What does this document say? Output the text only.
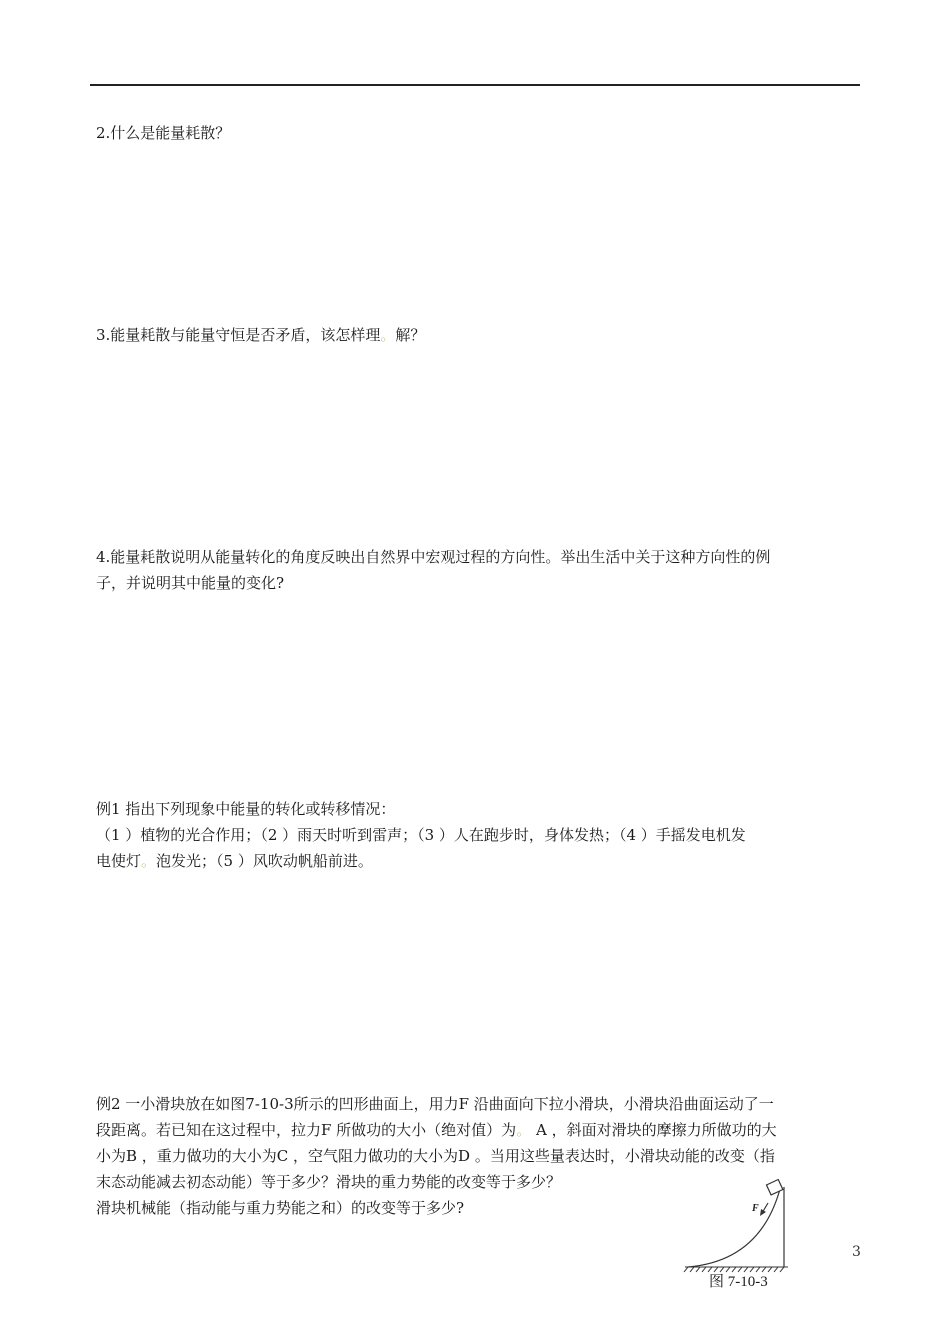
2.什么是能量耗散？

3.能量耗散与能量守恒是否矛盾，该怎样理。解？

4.能量耗散说明从能量转化的角度反映出自然界中宏观过程的方向性。举出生活中关于这种方向性的例
子，并说明其中能量的变化?

例1 指出下列现象中能量的转化或转移情况：
（1 ）植物的光合作用；（2 ）雨天时听到雷声；（3 ）人在跑步时，身体发热；（4 ）手摇发电机发
电使灯。泡发光；（5 ）风吹动帆船前进。

例2 一小滑块放在如图7-10-3所示的凹形曲面上，用力F 沿曲面向下拉小滑块，小滑块沿曲面运动了一
段距离。若已知在这过程中，拉力F 所做功的大小（绝对值）为。 A ，斜面对滑块的摩擦力所做功的大
小为B ，重力做功的大小为C ，空气阻力做功的大小为D 。当用这些量表达时，小滑块动能的改变（指
末态动能减去初态动能）等于多少？滑块的重力势能的改变等于多少？
滑块机械能（指动能与重力势能之和）的改变等于多少?	F
图 7-10-3
3
